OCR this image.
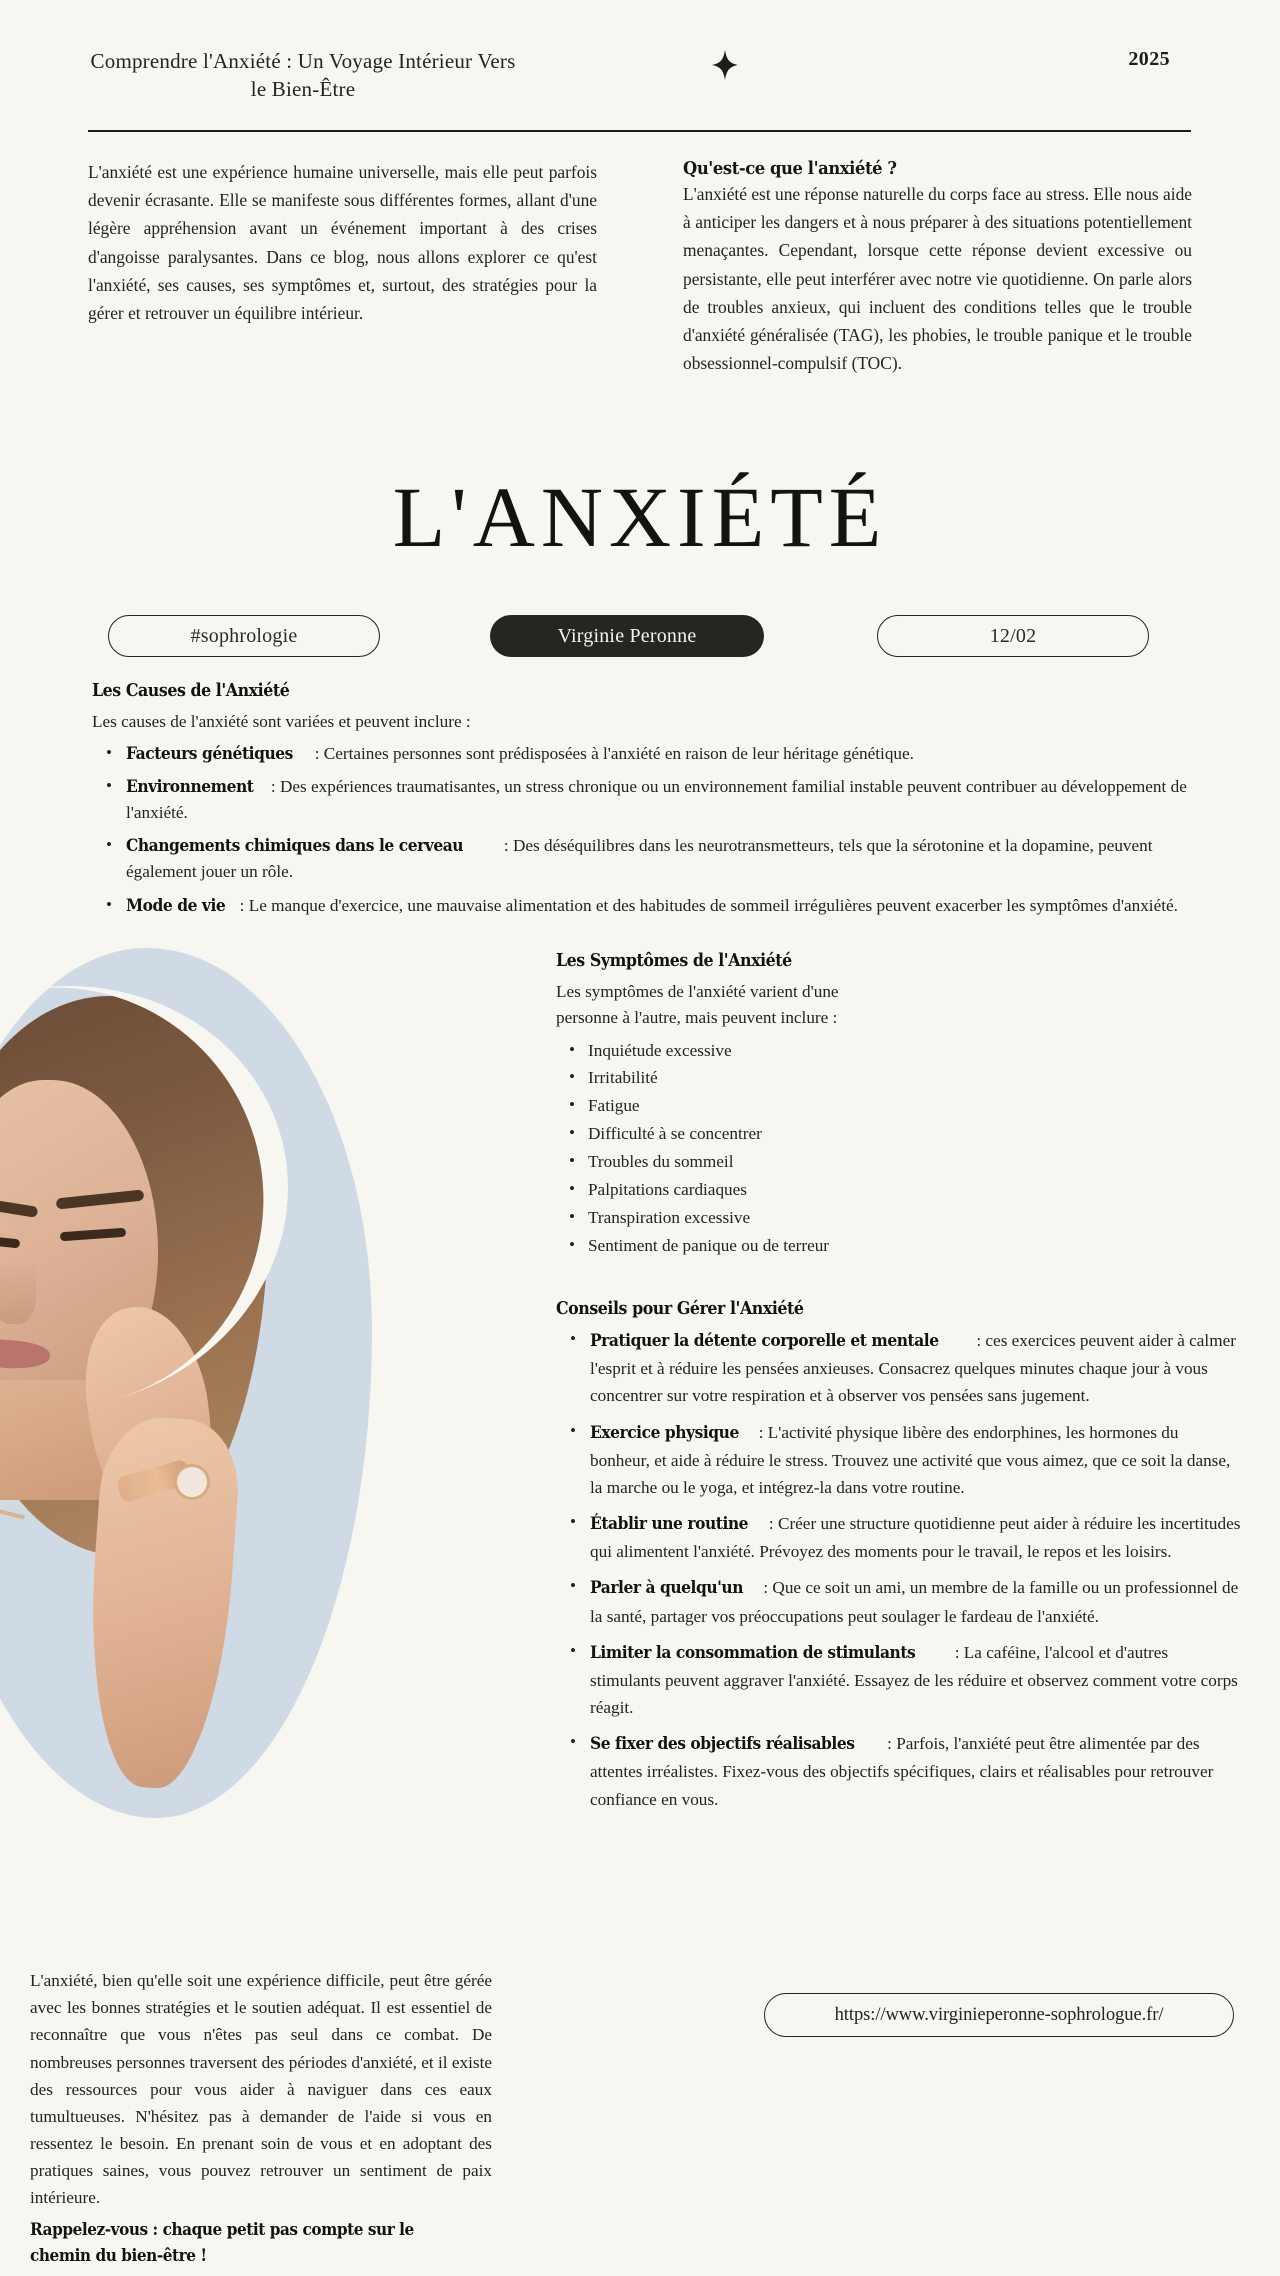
Comprendre l'Anxiété : Un Voyage Intérieur Vers le Bien-Être
2025

L'anxiété est une expérience humaine universelle, mais elle peut parfois devenir écrasante. Elle se manifeste sous différentes formes, allant d'une légère appréhension avant un événement important à des crises d'angoisse paralysantes. Dans ce blog, nous allons explorer ce qu'est l'anxiété, ses causes, ses symptômes et, surtout, des stratégies pour la gérer et retrouver un équilibre intérieur.

Qu'est-ce que l'anxiété ?

L'anxiété est une réponse naturelle du corps face au stress. Elle nous aide à anticiper les dangers et à nous préparer à des situations potentiellement menaçantes. Cependant, lorsque cette réponse devient excessive ou persistante, elle peut interférer avec notre vie quotidienne. On parle alors de troubles anxieux, qui incluent des conditions telles que le trouble d'anxiété généralisée (TAG), les phobies, le trouble panique et le trouble obsessionnel-compulsif (TOC).

L'ANXIÉTÉ
#sophrologie	Virginie Peronne	12/02
Les Causes de l'Anxiété

Les causes de l'anxiété sont variées et peuvent inclure :

• Facteurs génétiques : Certaines personnes sont prédisposées à l'anxiété en raison de leur héritage génétique.
• Environnement : Des expériences traumatisantes, un stress chronique ou un environnement familial instable peuvent contribuer au développement de l'anxiété.
• Changements chimiques dans le cerveau : Des déséquilibres dans les neurotransmetteurs, tels que la sérotonine et la dopamine, peuvent également jouer un rôle.
• Mode de vie : Le manque d'exercice, une mauvaise alimentation et des habitudes de sommeil irrégulières peuvent exacerber les symptômes d'anxiété.
Les Symptômes de l'Anxiété

Les symptômes de l'anxiété varient d'une personne à l'autre, mais peuvent inclure :

• Inquiétude excessive
• Irritabilité
• Fatigue
• Difficulté à se concentrer
• Troubles du sommeil
• Palpitations cardiaques
• Transpiration excessive
• Sentiment de panique ou de terreur
Conseils pour Gérer l'Anxiété
• Pratiquer la détente corporelle et mentale : ces exercices peuvent aider à calmer l'esprit et à réduire les pensées anxieuses. Consacrez quelques minutes chaque jour à vous concentrer sur votre respiration et à observer vos pensées sans jugement.
• Exercice physique : L'activité physique libère des endorphines, les hormones du bonheur, et aide à réduire le stress. Trouvez une activité que vous aimez, que ce soit la danse, la marche ou le yoga, et intégrez-la dans votre routine.
• Établir une routine : Créer une structure quotidienne peut aider à réduire les incertitudes qui alimentent l'anxiété. Prévoyez des moments pour le travail, le repos et les loisirs.
• Parler à quelqu'un : Que ce soit un ami, un membre de la famille ou un professionnel de la santé, partager vos préoccupations peut soulager le fardeau de l'anxiété.
• Limiter la consommation de stimulants : La caféine, l'alcool et d'autres stimulants peuvent aggraver l'anxiété. Essayez de les réduire et observez comment votre corps réagit.
• Se fixer des objectifs réalisables : Parfois, l'anxiété peut être alimentée par des attentes irréalistes. Fixez-vous des objectifs spécifiques, clairs et réalisables pour retrouver confiance en vous.

L'anxiété, bien qu'elle soit une expérience difficile, peut être gérée avec les bonnes stratégies et le soutien adéquat. Il est essentiel de reconnaître que vous n'êtes pas seul dans ce combat. De nombreuses personnes traversent des périodes d'anxiété, et il existe des ressources pour vous aider à naviguer dans ces eaux tumultueuses. N'hésitez pas à demander de l'aide si vous en ressentez le besoin. En prenant soin de vous et en adoptant des pratiques saines, vous pouvez retrouver un sentiment de paix intérieure.

Rappelez-vous : chaque petit pas compte sur le chemin du bien-être !

https://www.virginieperonne-sophrologue.fr/
